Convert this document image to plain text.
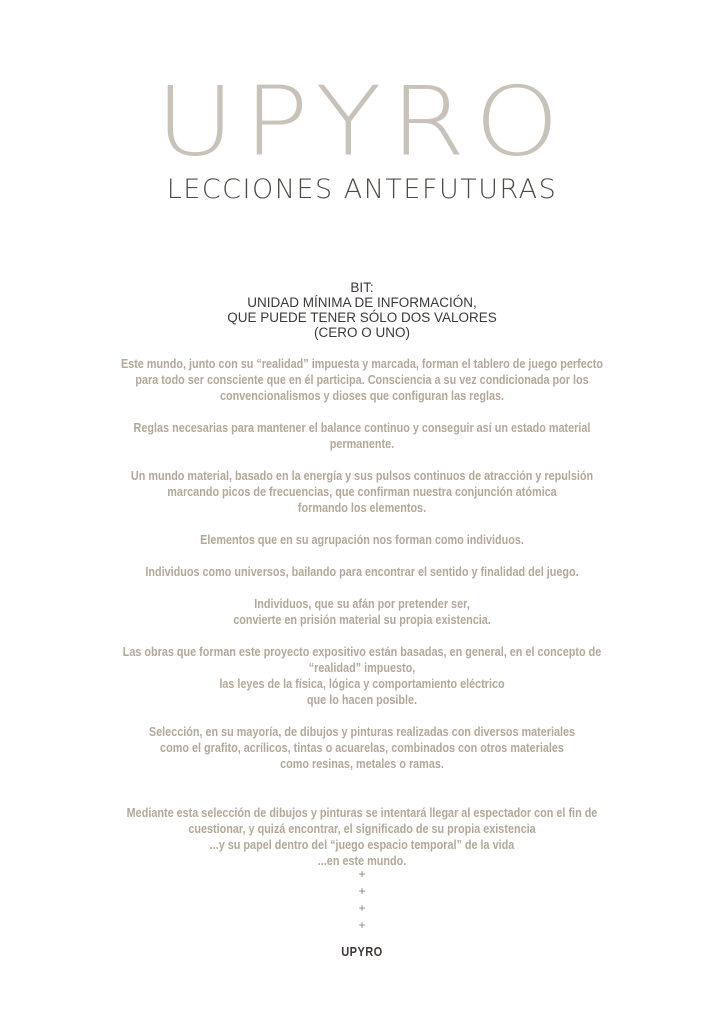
UPYRO
LECCIONES ANTEFUTURAS
BIT:
UNIDAD MÍNIMA DE INFORMACIÓN,
QUE PUEDE TENER SÓLO DOS VALORES
(CERO O UNO)
Este mundo, junto con su “realidad” impuesta y marcada, forman el tablero de juego perfecto
para todo ser consciente que en él participa. Consciencia a su vez condicionada por los
convencionalismos y dioses que configuran las reglas.
Reglas necesarias para mantener el balance continuo y conseguir así un estado material
permanente.
Un mundo material, basado en la energía y sus pulsos continuos de atracción y repulsión
marcando picos de frecuencias, que confirman nuestra conjunción atómica
formando los elementos.
Elementos que en su agrupación nos forman como individuos.
Individuos como universos, bailando para encontrar el sentido y finalidad del juego.
Individuos, que su afán por pretender ser,
convierte en prisión material su propia existencia.
Las obras que forman este proyecto expositivo están basadas, en general, en el concepto de
“realidad” impuesto,
las leyes de la física, lógica y comportamiento eléctrico
que lo hacen posible.
Selección, en su mayoría, de dibujos y pinturas realizadas con diversos materiales
como el grafito, acrílicos, tintas o acuarelas, combinados con otros materiales
como resinas, metales o ramas.
Mediante esta selección de dibujos y pinturas se intentará llegar al espectador con el fin de
cuestionar, y quizá encontrar, el significado de su propia existencia
...y su papel dentro del “juego espacio temporal” de la vida
...en este mundo.
+
+
+
+
UPYRO
